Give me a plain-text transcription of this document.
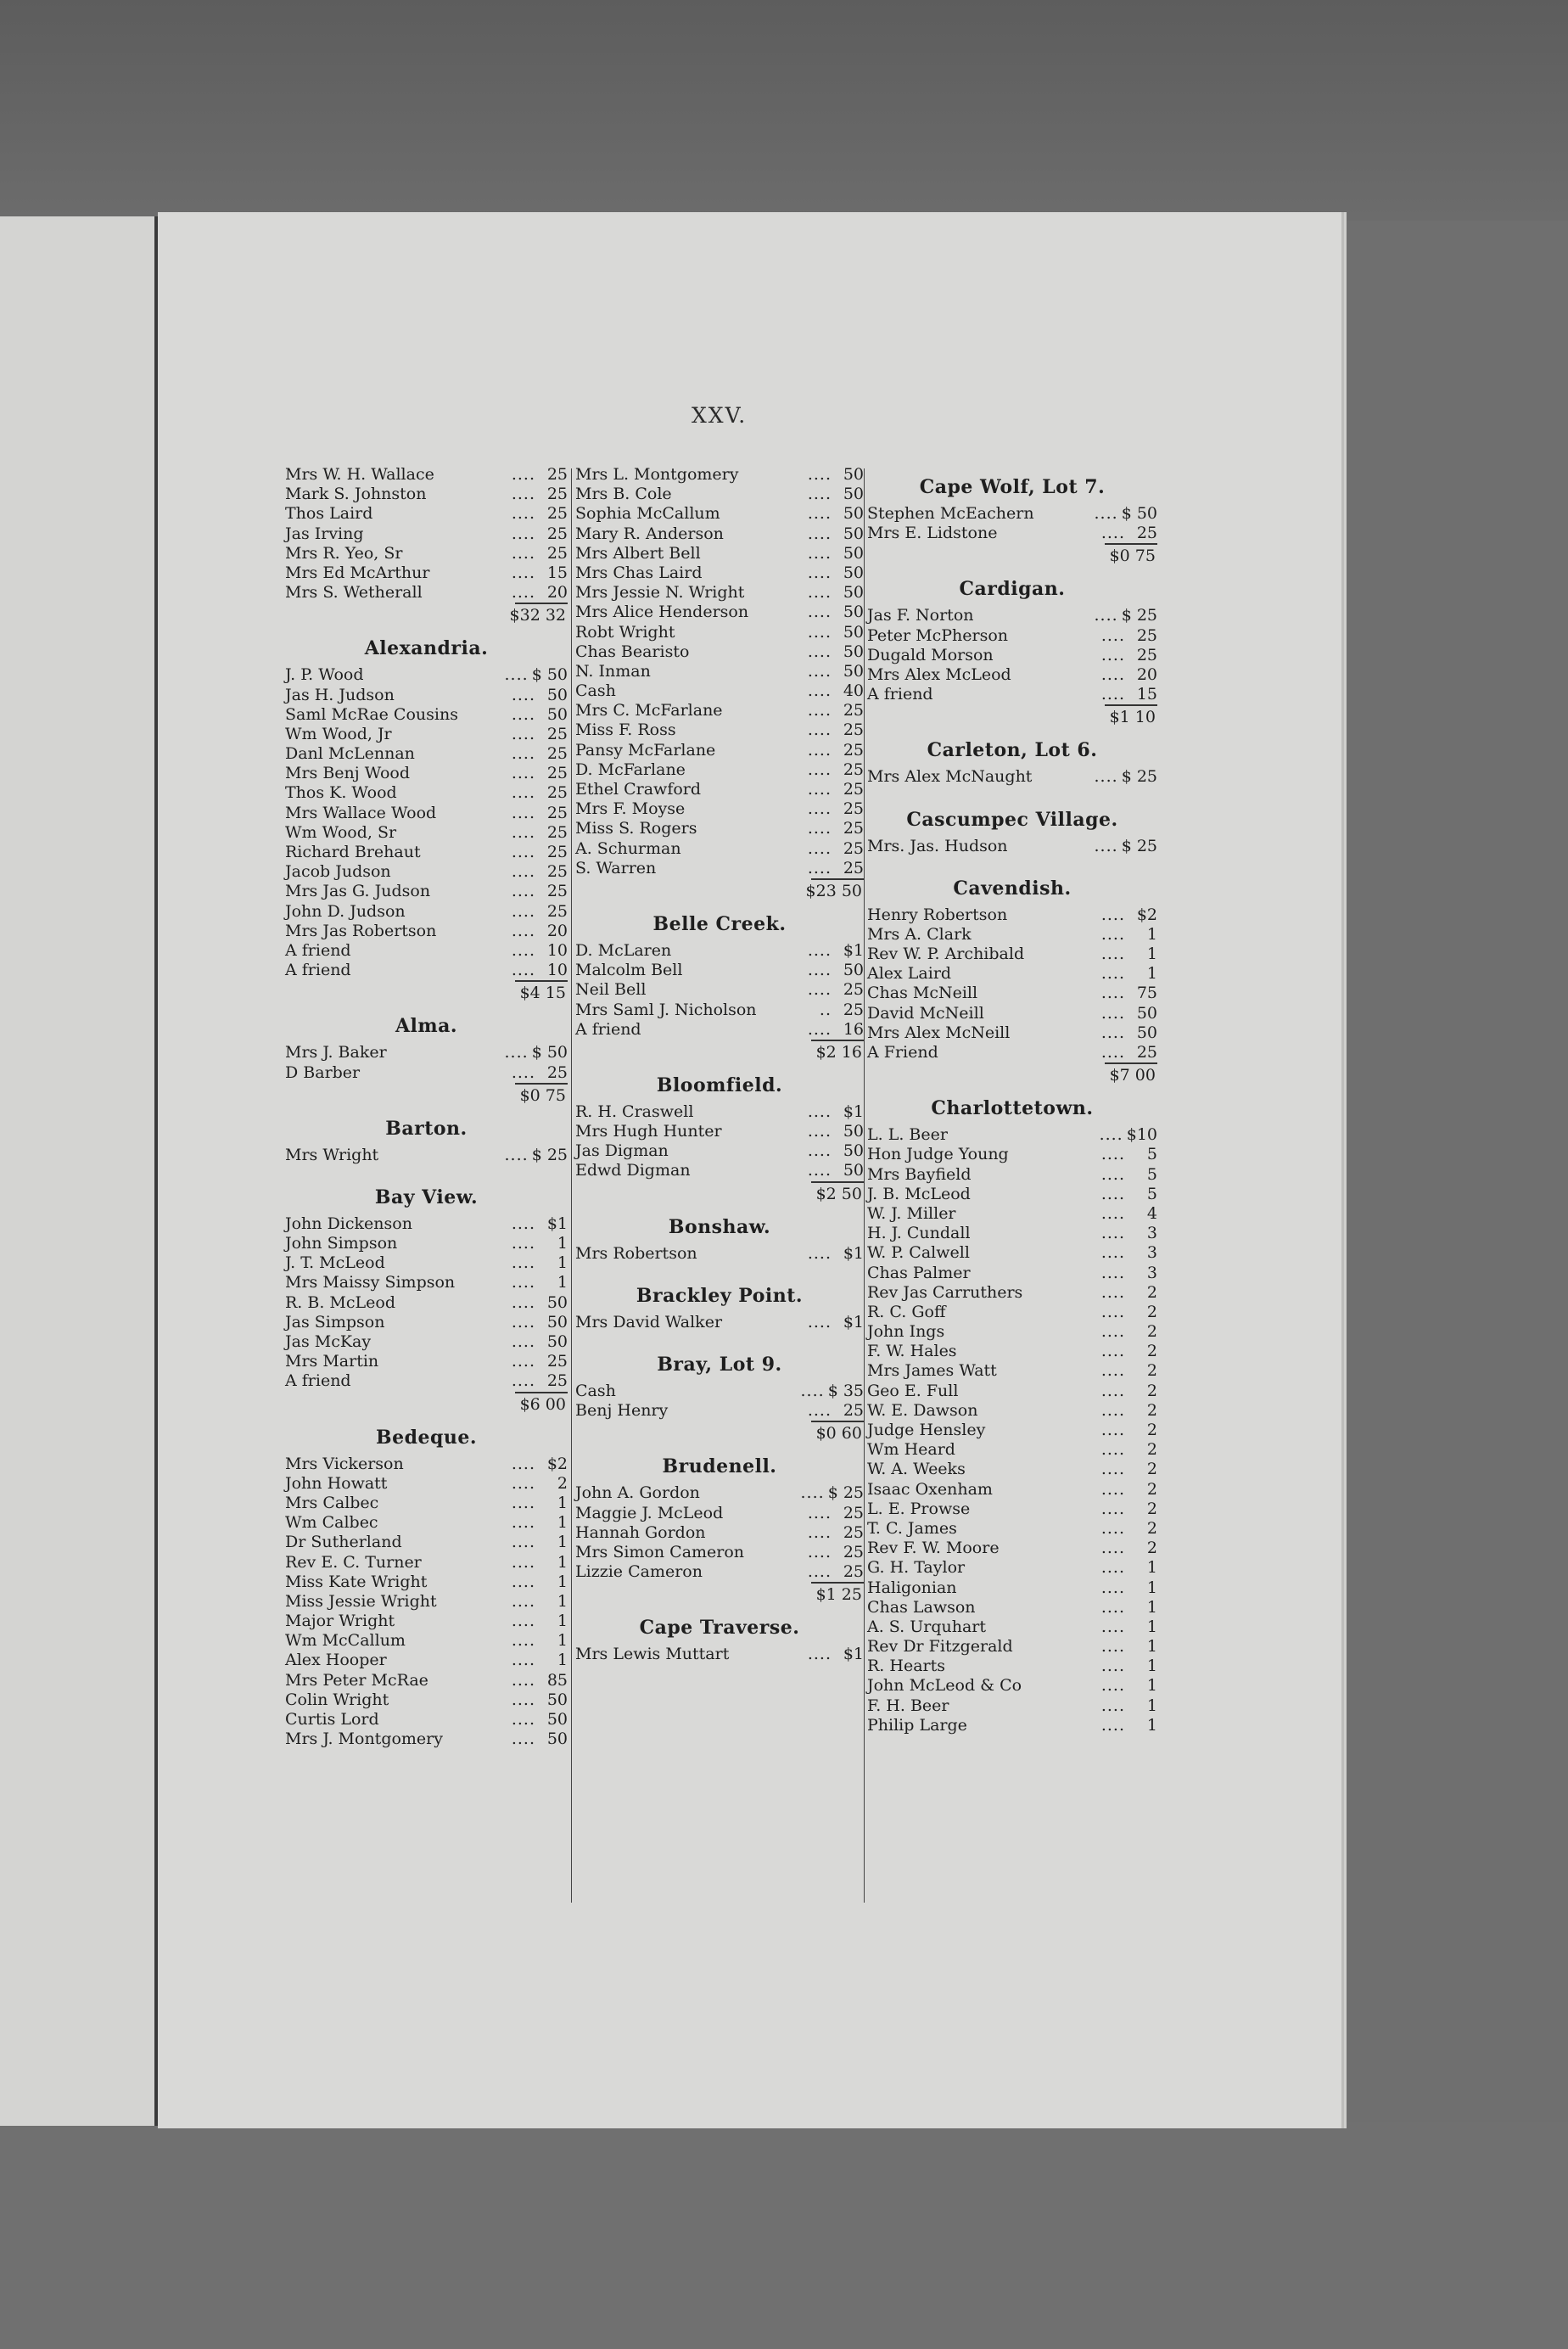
XXV.
Mrs W. H. Wallace	.... 25
Mark S. Johnston	.... 25
Thos Laird	.... 25
Jas Irving	.... 25
Mrs R. Yeo, Sr	.... 25
Mrs Ed McArthur	.... 15
Mrs S. Wetherall	.... 20
$32 32
Alexandria.
J. P. Wood	.... $ 50
Jas H. Judson	.... 50
Saml McRae Cousins	.... 50
Wm Wood, Jr	.... 25
Danl McLennan	.... 25
Mrs Benj Wood	.... 25
Thos K. Wood	.... 25
Mrs Wallace Wood	.... 25
Wm Wood, Sr	.... 25
Richard Brehaut	.... 25
Jacob Judson	.... 25
Mrs Jas G. Judson	.... 25
John D. Judson	.... 25
Mrs Jas Robertson	.... 20
A friend	.... 10
A friend	.... 10
$4 15
Alma.
Mrs J. Baker	.... $ 50
D Barber	.... 25
$0 75
Barton.
Mrs Wright	.... $ 25
Bay View.
John Dickenson	.... $1
John Simpson	....	1
J. T. McLeod	....	1
Mrs Maissy Simpson	....	1
R. B. McLeod	.... 50
Jas Simpson	.... 50
Jas McKay	.... 50
Mrs Martin	.... 25
A friend	.... 25
$6 00
Bedeque.
Mrs Vickerson	.... $2
John Howatt	....	2
Mrs Calbec	....	1
Wm Calbec	....	1
Dr Sutherland	....	1
Rev E. C. Turner	....	1
Miss Kate Wright	....	1
Miss Jessie Wright	....	1
Major Wright	....	1
Wm McCallum	....	1
Alex Hooper	....	1
Mrs Peter McRae	.... 85
Colin Wright	.... 50
Curtis Lord	.... 50
Mrs J. Montgomery	.... 50
Mrs L. Montgomery	.... 50
Mrs B. Cole	.... 50
Sophia McCallum	.... 50
Mary R. Anderson	.... 50
Mrs Albert Bell	.... 50
Mrs Chas Laird	.... 50
Mrs Jessie N. Wright	.... 50
Mrs Alice Henderson	.... 50
Robt Wright	.... 50
Chas Bearisto	.... 50
N. Inman	.... 50
Cash	.... 40
Mrs C. McFarlane	.... 25
Miss F. Ross	.... 25
Pansy McFarlane	.... 25
D. McFarlane	.... 25
Ethel Crawford	.... 25
Mrs F. Moyse	.... 25
Miss S. Rogers	.... 25
A. Schurman	.... 25
S. Warren	.... 25
$23 50
Belle Creek.
D. McLaren	.... $1
Malcolm Bell	.... 50
Neil Bell	.... 25
Mrs Saml J. Nicholson	.. 25
A friend	.... 16
$2 16
Bloomfield.
R. H. Craswell	.... $1
Mrs Hugh Hunter	.... 50
Jas Digman	.... 50
Edwd Digman	.... 50
$2 50
Bonshaw.
Mrs Robertson	.... $1
Brackley Point.
Mrs David Walker	.... $1
Bray, Lot 9.
Cash	.... $ 35
Benj Henry	.... 25
$0 60
Brudenell.
John A. Gordon	.... $ 25
Maggie J. McLeod	.... 25
Hannah Gordon	.... 25
Mrs Simon Cameron	.... 25
Lizzie Cameron	.... 25
$1 25
Cape Traverse.
Mrs Lewis Muttart	.... $1
Cape Wolf, Lot 7.
Stephen McEachern	.... $ 50
Mrs E. Lidstone	.... 25
$0 75
Cardigan.
Jas F. Norton	.... $ 25
Peter McPherson	.... 25
Dugald Morson	.... 25
Mrs Alex McLeod	.... 20
A friend	.... 15
$1 10
Carleton, Lot 6.
Mrs Alex McNaught	.... $ 25
Cascumpec Village.
Mrs. Jas. Hudson	.... $ 25
Cavendish.
Henry Robertson	.... $2
Mrs A. Clark	....	1
Rev W. P. Archibald	....	1
Alex Laird	....	1
Chas McNeill	.... 75
David McNeill	.... 50
Mrs Alex McNeill	.... 50
A Friend	.... 25
$7 00
Charlottetown.
L. L. Beer	.... $10
Hon Judge Young	....	5
Mrs Bayfield	....	5
J. B. McLeod	....	5
W. J. Miller	....	4
H. J. Cundall	....	3
W. P. Calwell	....	3
Chas Palmer	....	3
Rev Jas Carruthers	....	2
R. C. Goff	....	2
John Ings	....	2
F. W. Hales	....	2
Mrs James Watt	....	2
Geo E. Full	....	2
W. E. Dawson	....	2
Judge Hensley	....	2
Wm Heard	....	2
W. A. Weeks	....	2
Isaac Oxenham	....	2
L. E. Prowse	....	2
T. C. James	....	2
Rev F. W. Moore	....	2
G. H. Taylor	....	1
Haligonian	....	1
Chas Lawson	....	1
A. S. Urquhart	....	1
Rev Dr Fitzgerald	....	1
R. Hearts	....	1
John McLeod & Co	....	1
F. H. Beer	....	1
Philip Large	....	1
